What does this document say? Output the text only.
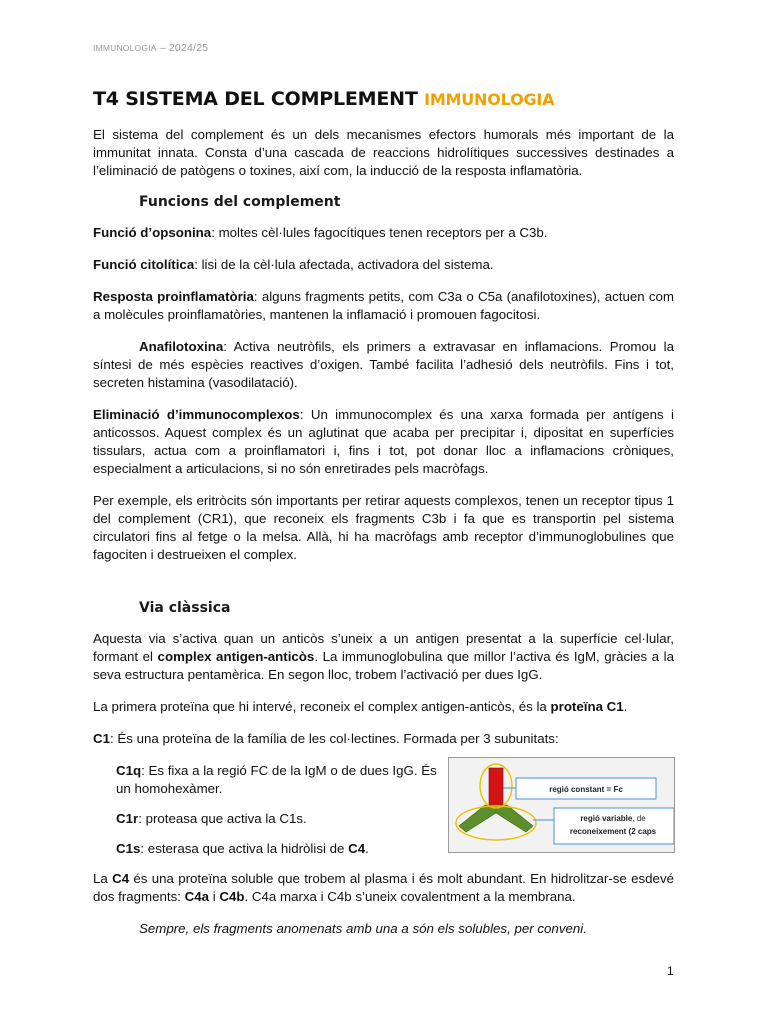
IMMUNOLOGIA – 2024/25
T4 SISTEMA DEL COMPLEMENT IMMUNOLOGIA

El sistema del complement és un dels mecanismes efectors humorals més important de la immunitat innata. Consta d’una cascada de reaccions hidrolítiques successives destinades a l’eliminació de patògens o toxines, així com, la inducció de la resposta inflamatòria.

Funcions del complement

Funció d’opsonina: moltes cèl·lules fagocítiques tenen receptors per a C3b.

Funció citolítica: lisi de la cèl·lula afectada, activadora del sistema.

Resposta proinflamatòria: alguns fragments petits, com C3a o C5a (anafilotoxines), actuen com a molècules proinflamatòries, mantenen la inflamació i promouen fagocitosi.

Anafilotoxina: Activa neutròfils, els primers a extravasar en inflamacions. Promou la síntesi de més espècies reactives d’oxigen. També facilita l’adhesió dels neutròfils. Fins i tot, secreten histamina (vasodilatació).

Eliminació d’immunocomplexos: Un immunocomplex és una xarxa formada per antígens i anticossos. Aquest complex és un aglutinat que acaba per precipitar i, dipositat en superfícies tissulars, actua com a proinflamatori i, fins i tot, pot donar lloc a inflamacions cròniques, especialment a articulacions, si no són enretirades pels macròfags.

Per exemple, els eritròcits són importants per retirar aquests complexos, tenen un receptor tipus 1 del complement (CR1), que reconeix els fragments C3b i fa que es transportin pel sistema circulatori fins al fetge o la melsa. Allà, hi ha macròfags amb receptor d’immunoglobulines que fagociten i destrueixen el complex.

Via clàssica

Aquesta via s’activa quan un anticòs s’uneix a un antigen presentat a la superfície cel·lular, formant el complex antigen-anticòs. La immunoglobulina que millor l’activa és IgM, gràcies a la seva estructura pentamèrica. En segon lloc, trobem l’activació per dues IgG.

La primera proteïna que hi intervé, reconeix el complex antigen-anticòs, és la proteïna C1.

C1: És una proteïna de la família de les col·lectines. Formada per 3 subunitats:

C1q: Es fixa a la regió FC de la IgM o de dues IgG. És un homohexàmer.

C1r: proteasa que activa la C1s.

C1s: esterasa que activa la hidròlisi de C4.

La C4 és una proteïna soluble que trobem al plasma i és molt abundant. En hidrolitzar-se esdevé dos fragments: C4a i C4b. C4a marxa i C4b s’uneix covalentment a la membrana.

Sempre, els fragments anomenats amb una a són els solubles, per conveni.

regió constant = Fc
regió variable, de
reconeixement (2 caps
1
